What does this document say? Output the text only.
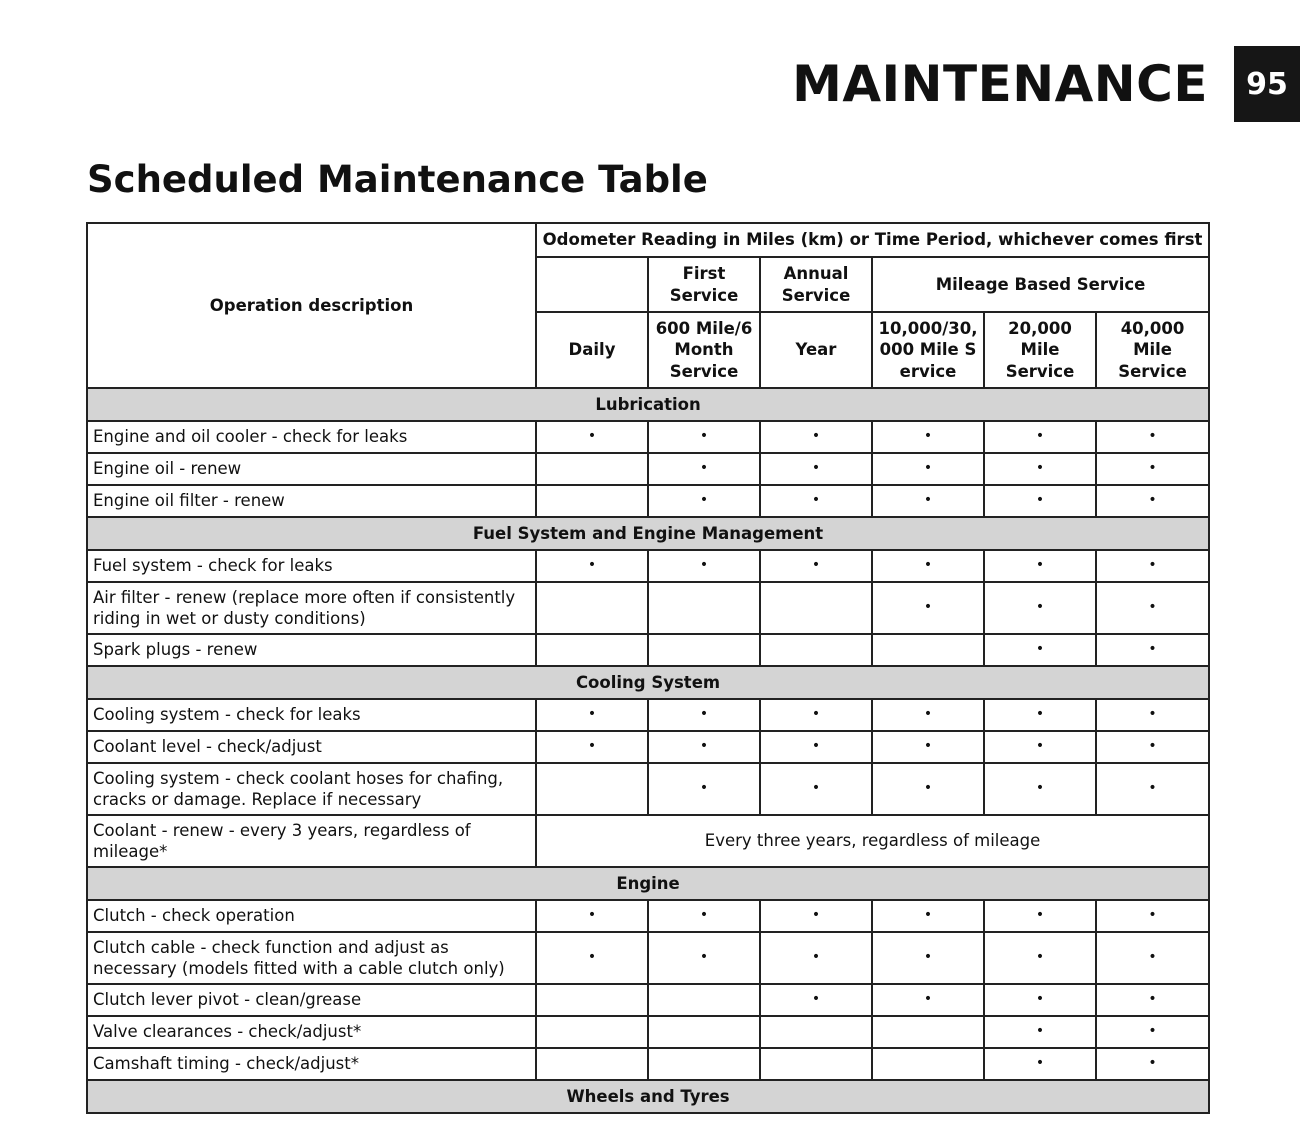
MAINTENANCE	95
Scheduled Maintenance Table
Operation description	Odometer Reading in Miles (km) or Time Period, whichever comes first					
		First Service	Annual Service	Mileage Based Service		
	Daily	600 Mile/6 Month Service	Year	10,000/30,000 Mile Service	20,000 Mile Service	40,000 Mile Service
Lubrication						
Engine and oil cooler - check for leaks	•	•	•	•	•	•
Engine oil - renew		•	•	•	•	•
Engine oil filter - renew		•	•	•	•	•
Fuel System and Engine Management						
Fuel system - check for leaks	•	•	•	•	•	•
Air filter - renew (replace more often if consistently riding in wet or dusty conditions)				•	•	•
Spark plugs - renew					•	•
Cooling System						
Cooling system - check for leaks	•	•	•	•	•	•
Coolant level - check/adjust	•	•	•	•	•	•
Cooling system - check coolant hoses for chafing, cracks or damage. Replace if necessary		•	•	•	•	•
Coolant - renew - every 3 years, regardless of mileage*	Every three years, regardless of mileage					
Engine						
Clutch - check operation	•	•	•	•	•	•
Clutch cable - check function and adjust as necessary (models fitted with a cable clutch only)	•	•	•	•	•	•
Clutch lever pivot - clean/grease			•	•	•	•
Valve clearances - check/adjust*					•	•
Camshaft timing - check/adjust*					•	•
Wheels and Tyres						
